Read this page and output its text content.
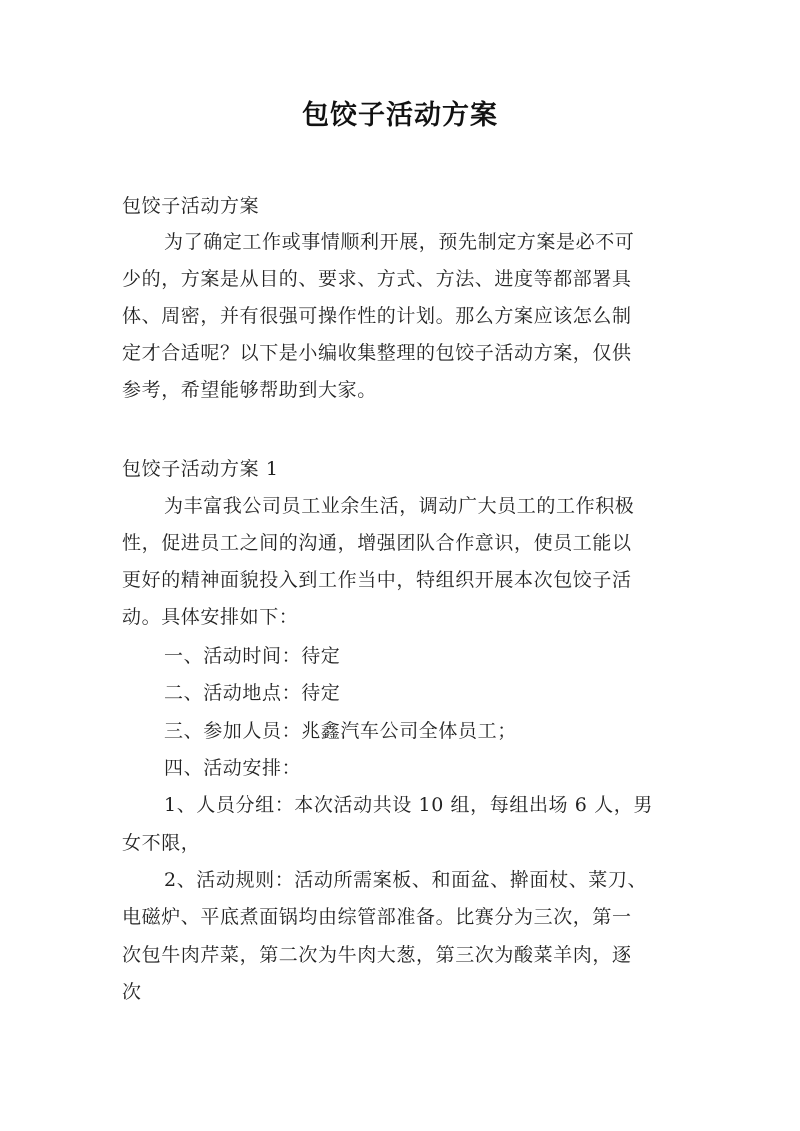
包饺子活动方案
包饺子活动方案
为了确定工作或事情顺利开展，预先制定方案是必不可
少的，方案是从目的、要求、方式、方法、进度等都部署具
体、周密，并有很强可操作性的计划。那么方案应该怎么制
定才合适呢？以下是小编收集整理的包饺子活动方案，仅供
参考，希望能够帮助到大家。
包饺子活动方案 1
为丰富我公司员工业余生活，调动广大员工的工作积极
性，促进员工之间的沟通，增强团队合作意识，使员工能以
更好的精神面貌投入到工作当中，特组织开展本次包饺子活
动。具体安排如下：
一、活动时间：待定
二、活动地点：待定
三、参加人员：兆鑫汽车公司全体员工；
四、活动安排：
1、人员分组：本次活动共设 10 组，每组出场 6 人，男
女不限，
2、活动规则：活动所需案板、和面盆、擀面杖、菜刀、
电磁炉、平底煮面锅均由综管部准备。比赛分为三次，第一
次包牛肉芹菜，第二次为牛肉大葱，第三次为酸菜羊肉，逐
次
